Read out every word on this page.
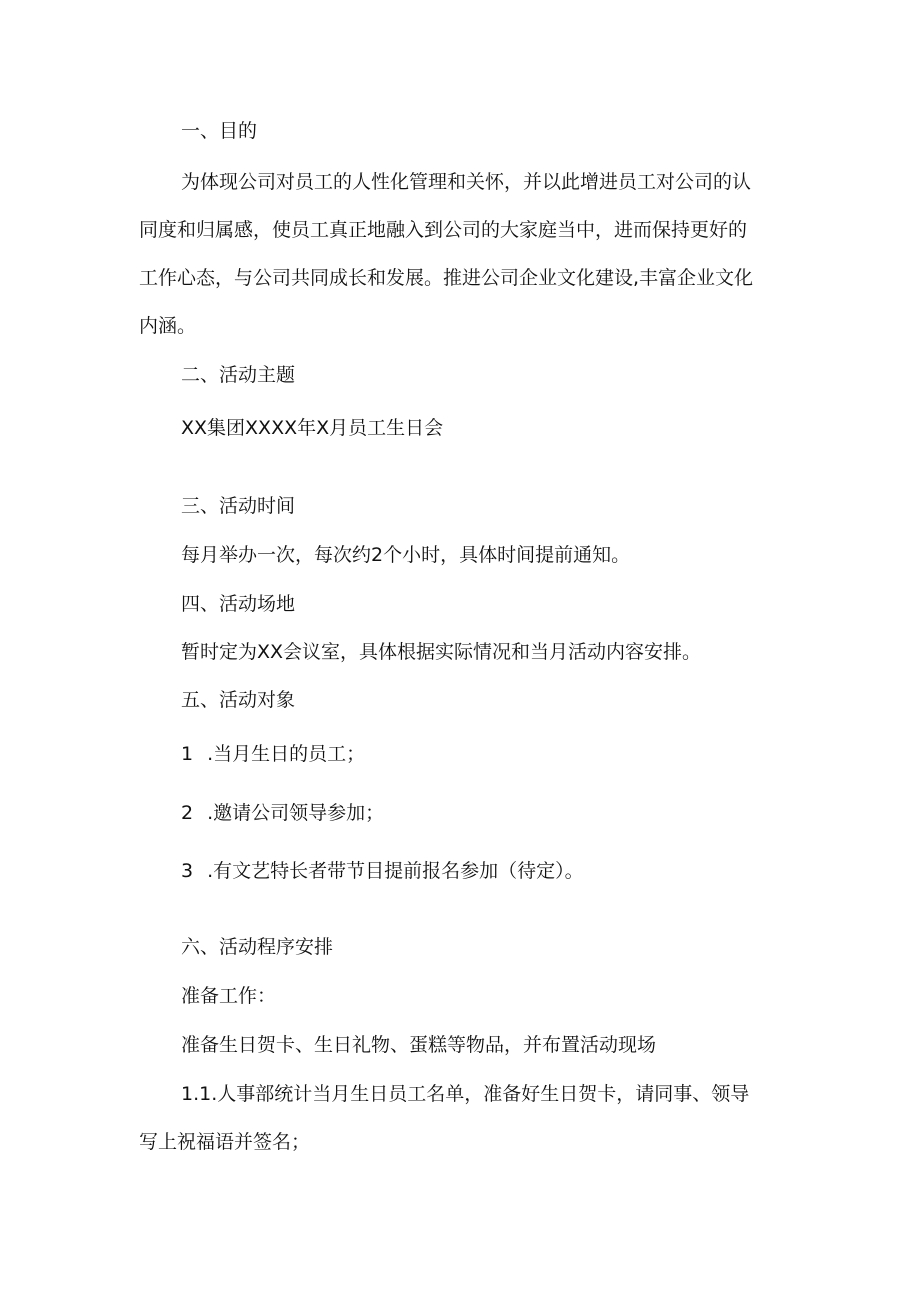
一、目的
为体现公司对员工的人性化管理和关怀，并以此增进员工对公司的认
同度和归属感，使员工真正地融入到公司的大家庭当中，进而保持更好的
工作心态，与公司共同成长和发展。推进公司企业文化建设,丰富企业文化
内涵。
二、活动主题
XX集团XXXX年X月员工生日会
三、活动时间
每月举办一次，每次约2个小时，具体时间提前通知。
四、活动场地
暂时定为XX会议室，具体根据实际情况和当月活动内容安排。
五、活动对象
1 .当月生日的员工；
2 .邀请公司领导参加；
3 .有文艺特长者带节目提前报名参加（待定）。
六、活动程序安排
准备工作：
准备生日贺卡、生日礼物、蛋糕等物品，并布置活动现场
1.1.人事部统计当月生日员工名单，准备好生日贺卡，请同事、领导
写上祝福语并签名；
